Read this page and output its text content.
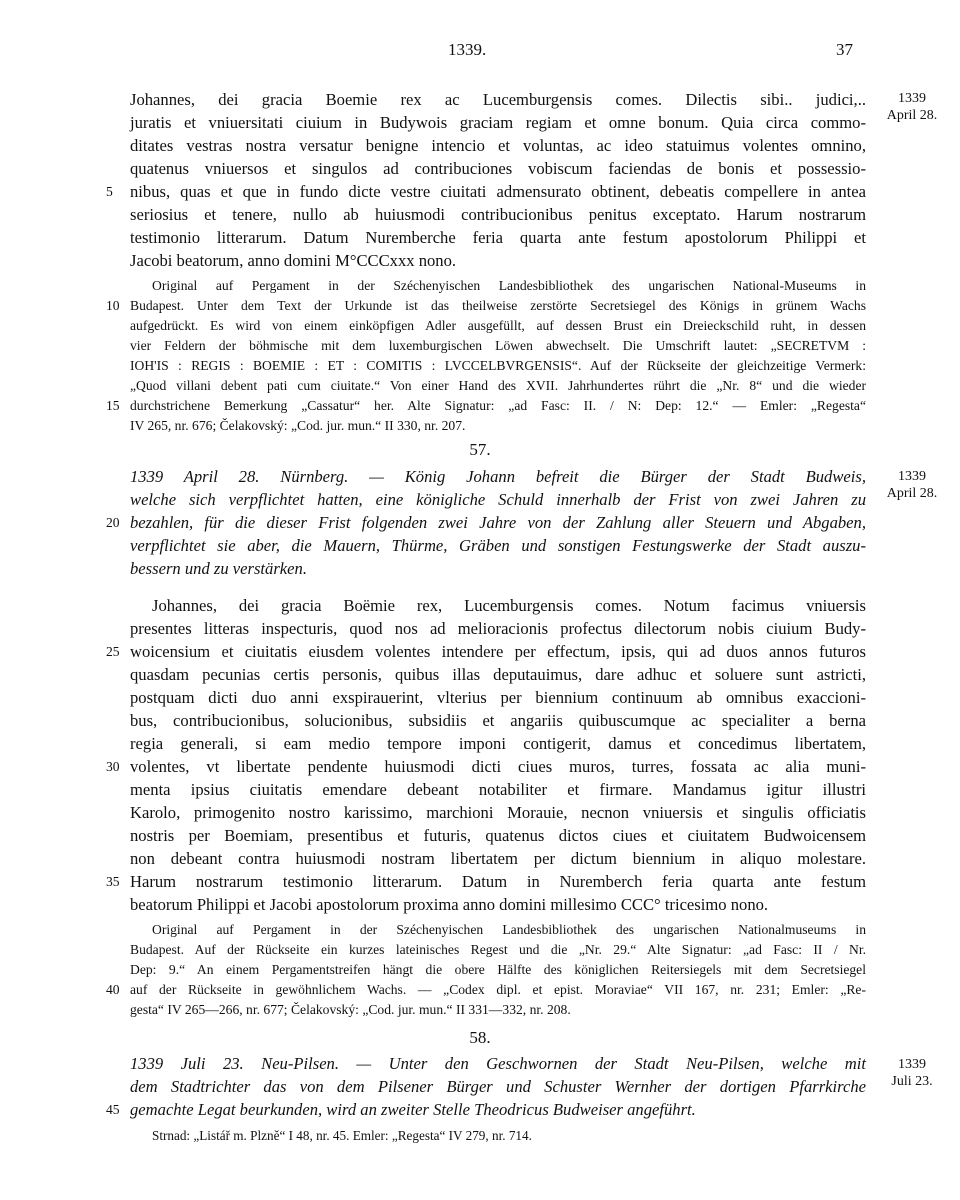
1339.	37
1339
April 28.
Johannes, dei gracia Boemie rex ac Lucemburgensis comes. Dilectis sibi.. judici,..
juratis et vniuersitati ciuium in Budywois graciam regiam et omne bonum. Quia circa commo-
ditates vestras nostra versatur benigne intencio et voluntas, ac ideo statuimus volentes omnino,
quatenus vniuersos et singulos ad contribuciones vobiscum faciendas de bonis et possessio-
5	nibus, quas et que in fundo dicte vestre ciuitati admensurato obtinent, debeatis compellere in antea
seriosius et tenere, nullo ab huiusmodi contribucionibus penitus exceptato. Harum nostrarum
testimonio litterarum. Datum Nuremberche feria quarta ante festum apostolorum Philippi et
Jacobi beatorum, anno domini M°CCCxxx nono.
Original auf Pergament in der Széchenyischen Landesbibliothek des ungarischen National-Museums in
10 Budapest. Unter dem Text der Urkunde ist das theilweise zerstörte Secretsiegel des Königs in grünem Wachs
aufgedrückt. Es wird von einem einköpfigen Adler ausgefüllt, auf dessen Brust ein Dreieckschild ruht, in dessen
vier Feldern der böhmische mit dem luxemburgischen Löwen abwechselt. Die Umschrift lautet: „SECRETVM :
IOH'IS : REGIS : BOEMIE : ET : COMITIS : LVCCELBVRGENSIS“. Auf der Rückseite der gleichzeitige Vermerk:
„Quod villani debent pati cum ciuitate.“ Von einer Hand des XVII. Jahrhundertes rührt die „Nr. 8“ und die wieder
15 durchstrichene Bemerkung „Cassatur“ her. Alte Signatur: „ad Fasc: II. / N: Dep: 12.“ — Emler: „Regesta“
IV 265, nr. 676; Čelakovský: „Cod. jur. mun.“ II 330, nr. 207.
57.
1339
April 28.
1339 April 28. Nürnberg. — König Johann befreit die Bürger der Stadt Budweis,
welche sich verpflichtet hatten, eine königliche Schuld innerhalb der Frist von zwei Jahren zu
20 bezahlen, für die dieser Frist folgenden zwei Jahre von der Zahlung aller Steuern und Abgaben,
verpflichtet sie aber, die Mauern, Thürme, Gräben und sonstigen Festungswerke der Stadt auszu-
bessern und zu verstärken.
Johannes, dei gracia Boëmie rex, Lucemburgensis comes. Notum facimus vniuersis
presentes litteras inspecturis, quod nos ad melioracionis profectus dilectorum nobis ciuium Budy-
25 woicensium et ciuitatis eiusdem volentes intendere per effectum, ipsis, qui ad duos annos futuros
quasdam pecunias certis personis, quibus illas deputauimus, dare adhuc et soluere sunt astricti,
postquam dicti duo anni exspirauerint, vlterius per biennium continuum ab omnibus exaccioni-
bus, contribucionibus, solucionibus, subsidiis et angariis quibuscumque ac specialiter a berna
regia generali, si eam medio tempore imponi contigerit, damus et concedimus libertatem,
30 volentes, vt libertate pendente huiusmodi dicti ciues muros, turres, fossata ac alia muni-
menta ipsius ciuitatis emendare debeant notabiliter et firmare. Mandamus igitur illustri
Karolo, primogenito nostro karissimo, marchioni Morauie, necnon vniuersis et singulis officiatis
nostris per Boemiam, presentibus et futuris, quatenus dictos ciues et ciuitatem Budwoicensem
non debeant contra huiusmodi nostram libertatem per dictum biennium in aliquo molestare.
35 Harum nostrarum testimonio litterarum. Datum in Nuremberch feria quarta ante festum
beatorum Philippi et Jacobi apostolorum proxima anno domini millesimo CCC° tricesimo nono.
Original auf Pergament in der Széchenyischen Landesbibliothek des ungarischen Nationalmuseums in
Budapest. Auf der Rückseite ein kurzes lateinisches Regest und die „Nr. 29.“ Alte Signatur: „ad Fasc: II / Nr.
Dep: 9.“ An einem Pergamentstreifen hängt die obere Hälfte des königlichen Reitersiegels mit dem Secretsiegel
40 auf der Rückseite in gewöhnlichem Wachs. — „Codex dipl. et epist. Moraviae“ VII 167, nr. 231; Emler: „Re-
gesta“ IV 265—266, nr. 677; Čelakovský: „Cod. jur. mun.“ II 331—332, nr. 208.
58.
1339
Juli 23.
1339 Juli 23. Neu-Pilsen. — Unter den Geschwornen der Stadt Neu-Pilsen, welche mit
dem Stadtrichter das von dem Pilsener Bürger und Schuster Wernher der dortigen Pfarrkirche
45 gemachte Legat beurkunden, wird an zweiter Stelle Theodricus Budweiser angeführt.
Strnad: „Listář m. Plzně“ I 48, nr. 45. Emler: „Regesta“ IV 279, nr. 714.
